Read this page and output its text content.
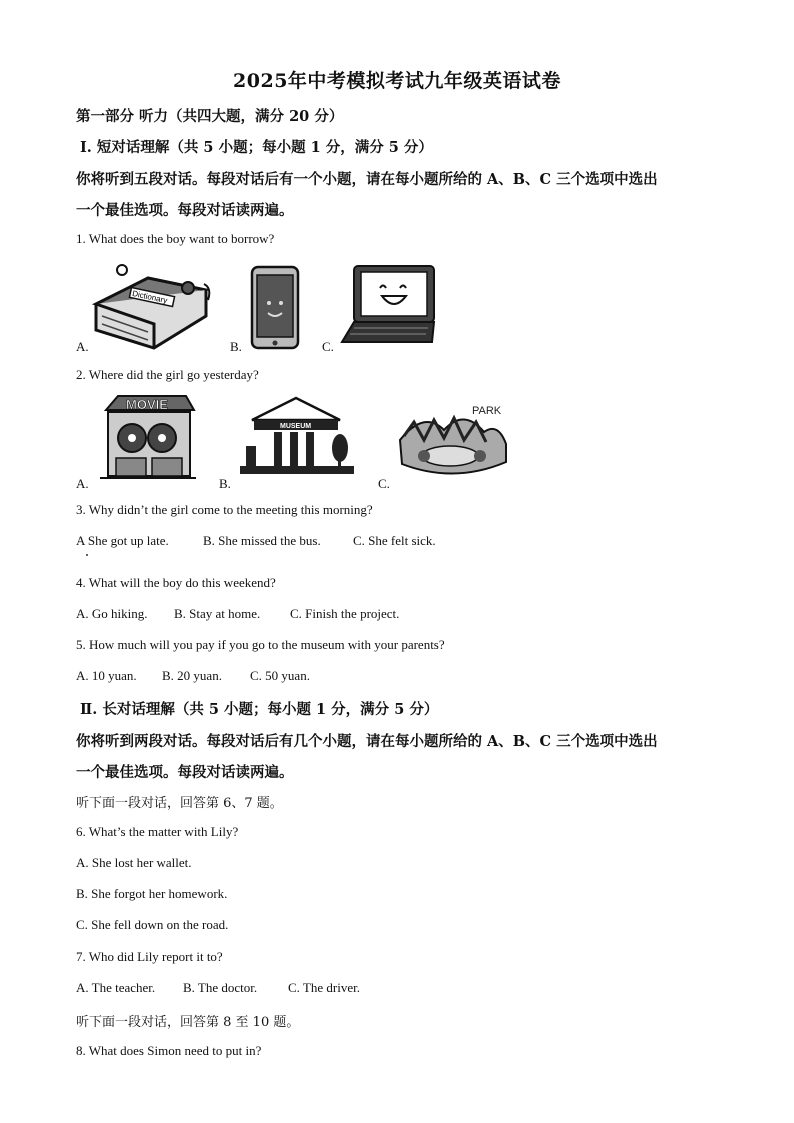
2025年中考模拟考试九年级英语试卷
第一部分 听力（共四大题，满分 20 分）
Ⅰ. 短对话理解（共 5 小题；每小题 1 分，满分 5 分）
你将听到五段对话。每段对话后有一个小题，请在每小题所给的 A、B、C 三个选项中选出
一个最佳选项。每段对话读两遍。
1. What does the boy want to borrow?
Dictionary
A.	B.	C.
2. Where did the girl go yesterday?
MOVIE
A.
MUSEUM
B.
PARK
C.
3. Why didn’t the girl come to the meeting this morning?
A She got up late.	B. She missed the bus. C. She felt sick.
4. What will the boy do this weekend?
A. Go hiking. B. Stay at home. C. Finish the project.
5. How much will you pay if you go to the museum with your parents?
A. 10 yuan. B. 20 yuan. C. 50 yuan.
Ⅱ. 长对话理解（共 5 小题；每小题 1 分，满分 5 分）
你将听到两段对话。每段对话后有几个小题，请在每小题所给的 A、B、C 三个选项中选出
一个最佳选项。每段对话读两遍。
听下面一段对话，回答第 6、7 题。
6. What’s the matter with Lily?
A. She lost her wallet.
B. She forgot her homework.
C. She fell down on the road.
7. Who did Lily report it to?
A. The teacher. B. The doctor. C. The driver.
听下面一段对话，回答第 8 至 10 题。
8. What does Simon need to put in?
